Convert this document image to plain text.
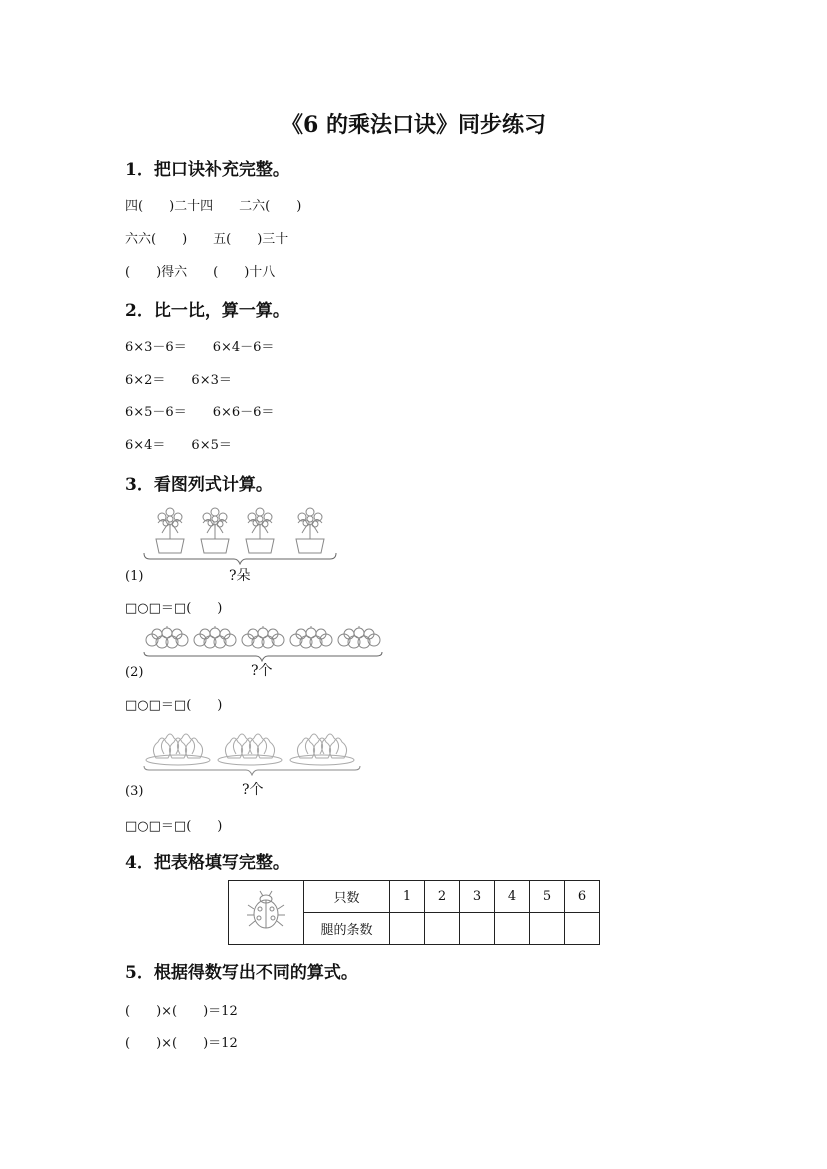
《6 的乘法口诀》同步练习
1．把口诀补充完整。
四(　　)二十四　　二六(　　)
六六(　　)　　五(　　)三十
(　　)得六　　(　　)十八
2．比一比，算一算。
6×3－6＝　　6×4－6＝
6×2＝　　6×3＝
6×5－6＝　　6×6－6＝
6×4＝　　6×5＝
3．看图列式计算。
(1)	?朵
□○□＝□(　　)
(2)	?个
□○□＝□(　　)
(3)	?个
□○□＝□(　　)
4．把表格填写完整。
	只数	1	2	3	4	5	6
	腿的条数						
5．根据得数写出不同的算式。
(　　)×(　　)＝12
(　　)×(　　)＝12
